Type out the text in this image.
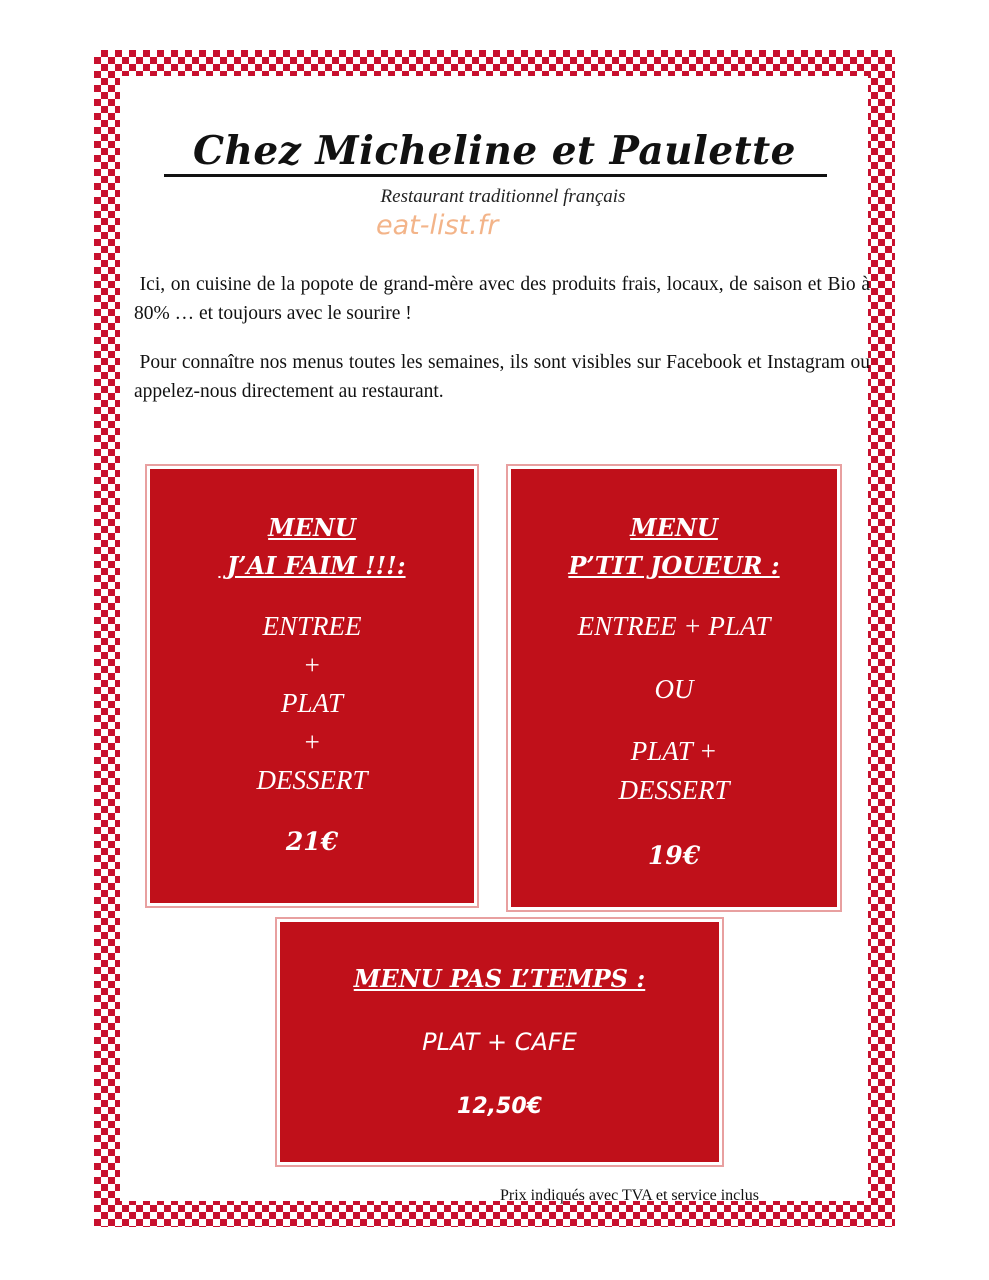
Chez Micheline et Paulette
Restaurant traditionnel français
eat-list.fr
Ici, on cuisine de la popote de grand-mère avec des produits frais, locaux, de saison et Bio à 80% … et toujours avec le sourire !
Pour connaître nos menus toutes les semaines, ils sont visibles sur Facebook et Instagram ou appelez-nous directement au restaurant.
MENU
J’AI FAIM !!!:
ENTREE
+
PLAT
+
DESSERT
21€
MENU
P’TIT JOUEUR :
ENTREE + PLAT
OU
PLAT +
DESSERT
19€
MENU PAS L’TEMPS :
PLAT + CAFE
12,50€
Prix indiqués avec TVA et service inclus
